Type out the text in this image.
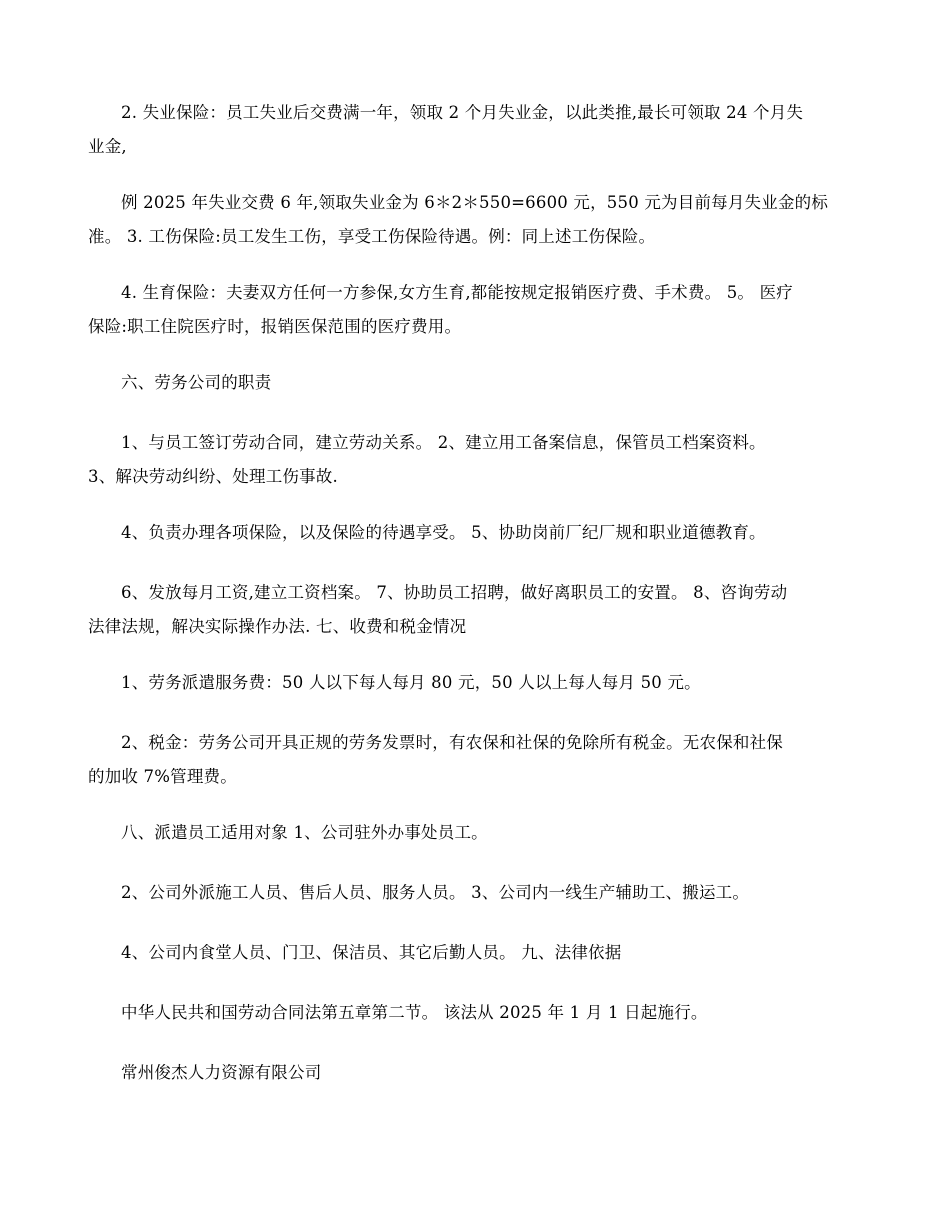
2. 失业保险：员工失业后交费满一年，领取 2 个月失业金，以此类推,最长可领取 24 个月失
业金,

例 2025 年失业交费 6 年,领取失业金为 6＊2＊550=6600 元，550 元为目前每月失业金的标
准。 3. 工伤保险:员工发生工伤，享受工伤保险待遇。例：同上述工伤保险。

4. 生育保险：夫妻双方任何一方参保,女方生育,都能按规定报销医疗费、手术费。 5。 医疗
保险:职工住院医疗时，报销医保范围的医疗费用。

六、劳务公司的职责

1、与员工签订劳动合同，建立劳动关系。 2、建立用工备案信息，保管员工档案资料。
3、解决劳动纠纷、处理工伤事故.

4、负责办理各项保险，以及保险的待遇享受。 5、协助岗前厂纪厂规和职业道德教育。

6、发放每月工资,建立工资档案。 7、协助员工招聘，做好离职员工的安置。 8、咨询劳动
法律法规，解决实际操作办法. 七、收费和税金情况

1、劳务派遣服务费：50 人以下每人每月 80 元，50 人以上每人每月 50 元。

2、税金：劳务公司开具正规的劳务发票时，有农保和社保的免除所有税金。无农保和社保
的加收 7%管理费。

八、派遣员工适用对象 1、公司驻外办事处员工。

2、公司外派施工人员、售后人员、服务人员。 3、公司内一线生产辅助工、搬运工。

4、公司内食堂人员、门卫、保洁员、其它后勤人员。 九、法律依据

中华人民共和国劳动合同法第五章第二节。 该法从 2025 年 1 月 1 日起施行。

常州俊杰人力资源有限公司
